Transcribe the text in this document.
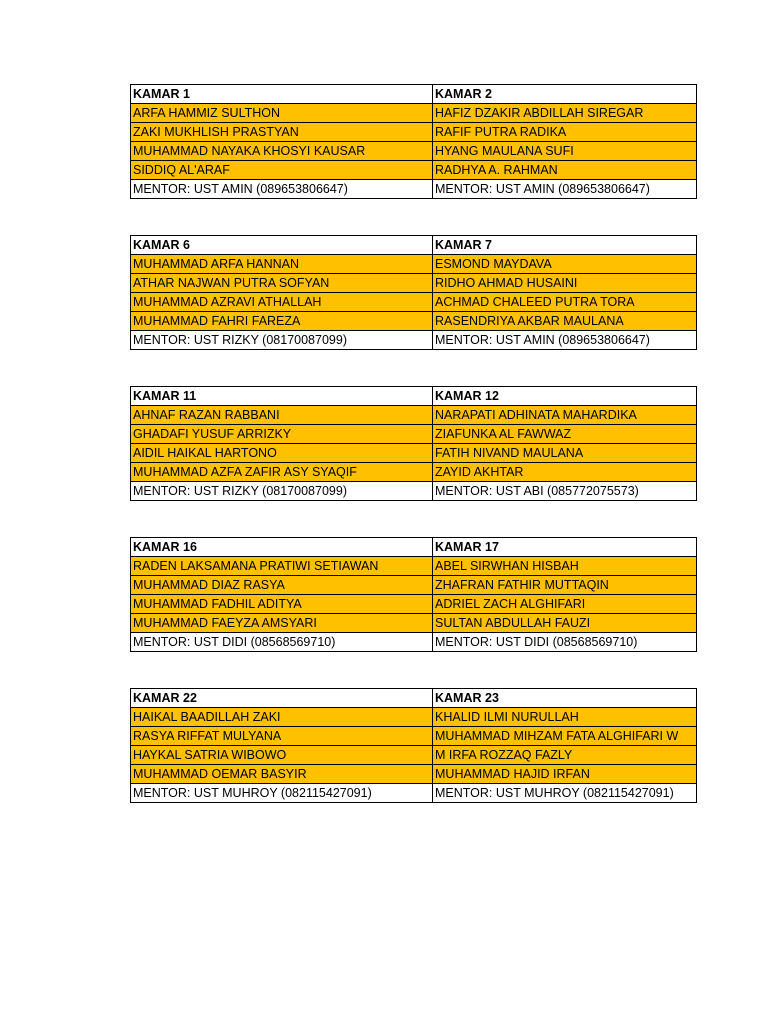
KAMAR 1	KAMAR 2
ARFA HAMMIZ SULTHON	HAFIZ DZAKIR ABDILLAH SIREGAR
ZAKI MUKHLISH PRASTYAN	RAFIF PUTRA RADIKA
MUHAMMAD NAYAKA KHOSYI KAUSAR	HYANG MAULANA SUFI
SIDDIQ AL'ARAF	RADHYA A. RAHMAN
MENTOR: UST AMIN (089653806647)	MENTOR: UST AMIN (089653806647)
KAMAR 6	KAMAR 7
MUHAMMAD ARFA HANNAN	ESMOND MAYDAVA
ATHAR NAJWAN PUTRA SOFYAN	RIDHO AHMAD HUSAINI
MUHAMMAD AZRAVI ATHALLAH	ACHMAD CHALEED PUTRA TORA
MUHAMMAD FAHRI FAREZA	RASENDRIYA AKBAR MAULANA
MENTOR: UST RIZKY (08170087099)	MENTOR: UST AMIN (089653806647)
KAMAR 11	KAMAR 12
AHNAF RAZAN RABBANI	NARAPATI ADHINATA MAHARDIKA
GHADAFI YUSUF ARRIZKY	ZIAFUNKA AL FAWWAZ
AIDIL HAIKAL HARTONO	FATIH NIVAND MAULANA
MUHAMMAD AZFA ZAFIR ASY SYAQIF	ZAYID AKHTAR
MENTOR: UST RIZKY (08170087099)	MENTOR: UST ABI (085772075573)
KAMAR 16	KAMAR 17
RADEN LAKSAMANA PRATIWI SETIAWAN	ABEL SIRWHAN HISBAH
MUHAMMAD DIAZ RASYA	ZHAFRAN FATHIR MUTTAQIN
MUHAMMAD FADHIL ADITYA	ADRIEL ZACH ALGHIFARI
MUHAMMAD FAEYZA AMSYARI	SULTAN ABDULLAH FAUZI
MENTOR: UST DIDI (08568569710)	MENTOR: UST DIDI (08568569710)
KAMAR 22	KAMAR 23
HAIKAL BAADILLAH ZAKI	KHALID ILMI NURULLAH
RASYA RIFFAT MULYANA	MUHAMMAD MIHZAM FATA ALGHIFARI W
HAYKAL SATRIA WIBOWO	M IRFA ROZZAQ FAZLY
MUHAMMAD OEMAR BASYIR	MUHAMMAD HAJID IRFAN
MENTOR: UST MUHROY (082115427091)	MENTOR: UST MUHROY (082115427091)
